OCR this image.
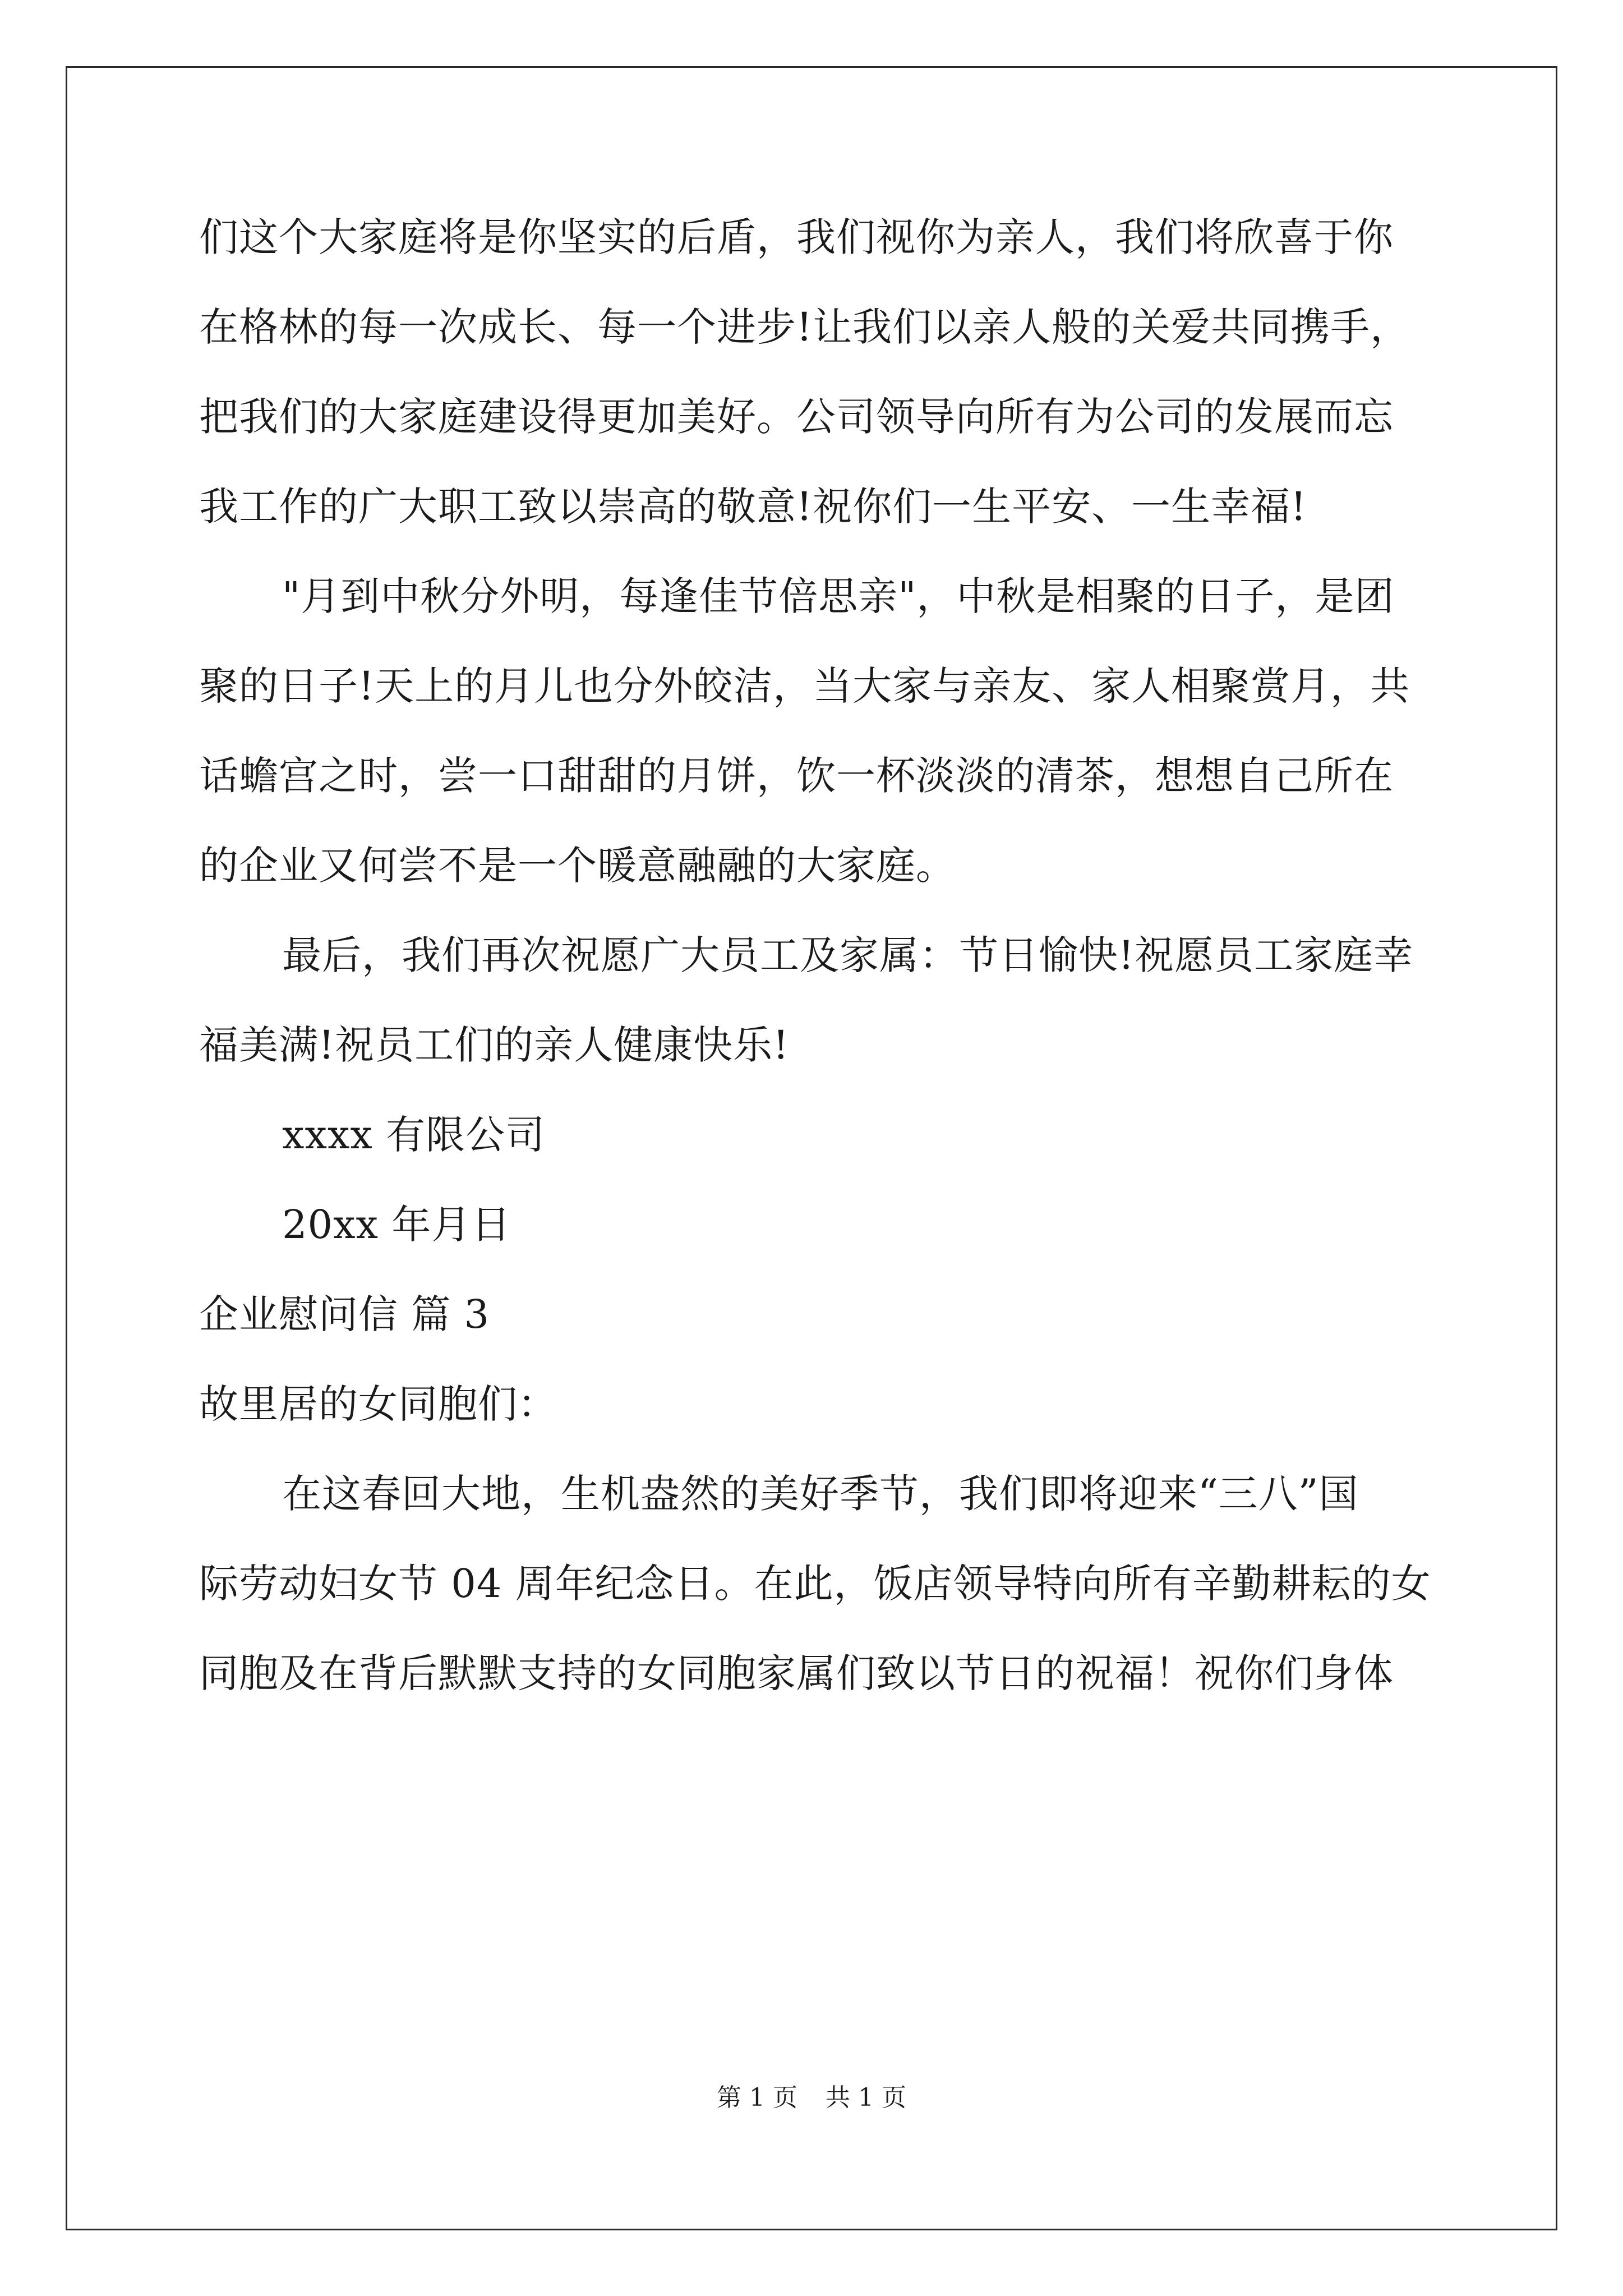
们这个大家庭将是你坚实的后盾，我们视你为亲人，我们将欣喜于你
在格林的每一次成长、每一个进步!让我们以亲人般的关爱共同携手，
把我们的大家庭建设得更加美好。公司领导向所有为公司的发展而忘
我工作的广大职工致以崇高的敬意!祝你们一生平安、一生幸福!
"月到中秋分外明，每逢佳节倍思亲"，中秋是相聚的日子，是团
聚的日子!天上的月儿也分外皎洁，当大家与亲友、家人相聚赏月，共
话蟾宫之时，尝一口甜甜的月饼，饮一杯淡淡的清茶，想想自己所在
的企业又何尝不是一个暖意融融的大家庭。
最后，我们再次祝愿广大员工及家属：节日愉快!祝愿员工家庭幸
福美满!祝员工们的亲人健康快乐!
xxxx 有限公司
20xx 年月日
企业慰问信 篇 3
故里居的女同胞们：
在这春回大地，生机盎然的美好季节，我们即将迎来“三八”国
际劳动妇女节 04 周年纪念日。在此，饭店领导特向所有辛勤耕耘的女
同胞及在背后默默支持的女同胞家属们致以节日的祝福！祝你们身体
第 1 页 共 1 页
